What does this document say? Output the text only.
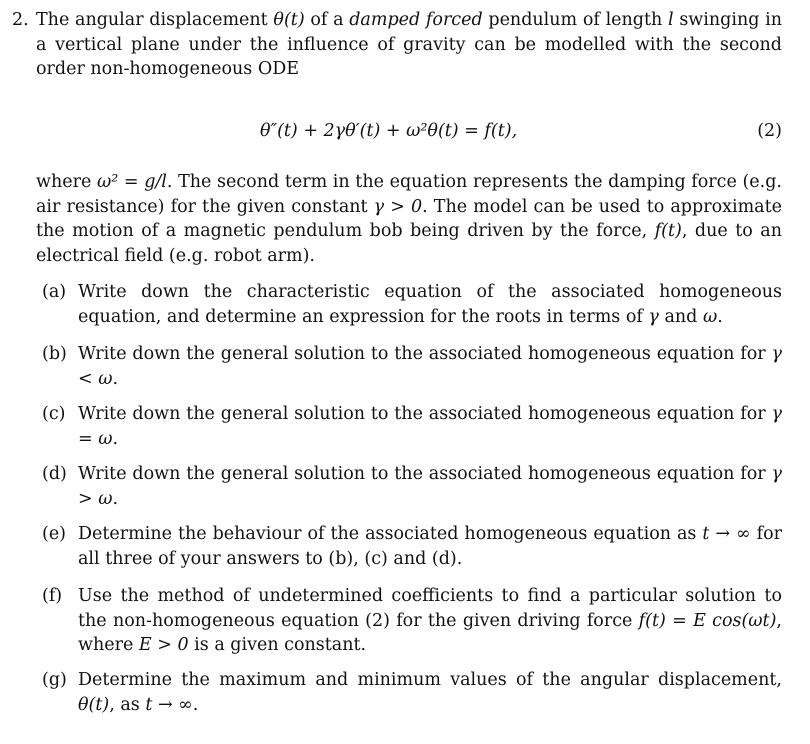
2. The angular displacement θ(t) of a damped forced pendulum of length l swinging in a vertical plane under the influence of gravity can be modelled with the second order non-homogeneous ODE
θ″(t) + 2γθ′(t) + ω²θ(t) = f(t),	(2)
where ω² = g/l. The second term in the equation represents the damping force (e.g. air resistance) for the given constant γ > 0. The model can be used to approximate the motion of a magnetic pendulum bob being driven by the force, f(t), due to an electrical field (e.g. robot arm).
(a) Write down the characteristic equation of the associated homogeneous equation, and determine an expression for the roots in terms of γ and ω.
(b) Write down the general solution to the associated homogeneous equation for γ < ω.
(c) Write down the general solution to the associated homogeneous equation for γ = ω.
(d) Write down the general solution to the associated homogeneous equation for γ > ω.
(e) Determine the behaviour of the associated homogeneous equation as t → ∞ for all three of your answers to (b), (c) and (d).
(f) Use the method of undetermined coefficients to find a particular solution to the non-homogeneous equation (2) for the given driving force f(t) = E cos(ωt), where E > 0 is a given constant.
(g) Determine the maximum and minimum values of the angular displacement, θ(t), as t → ∞.
